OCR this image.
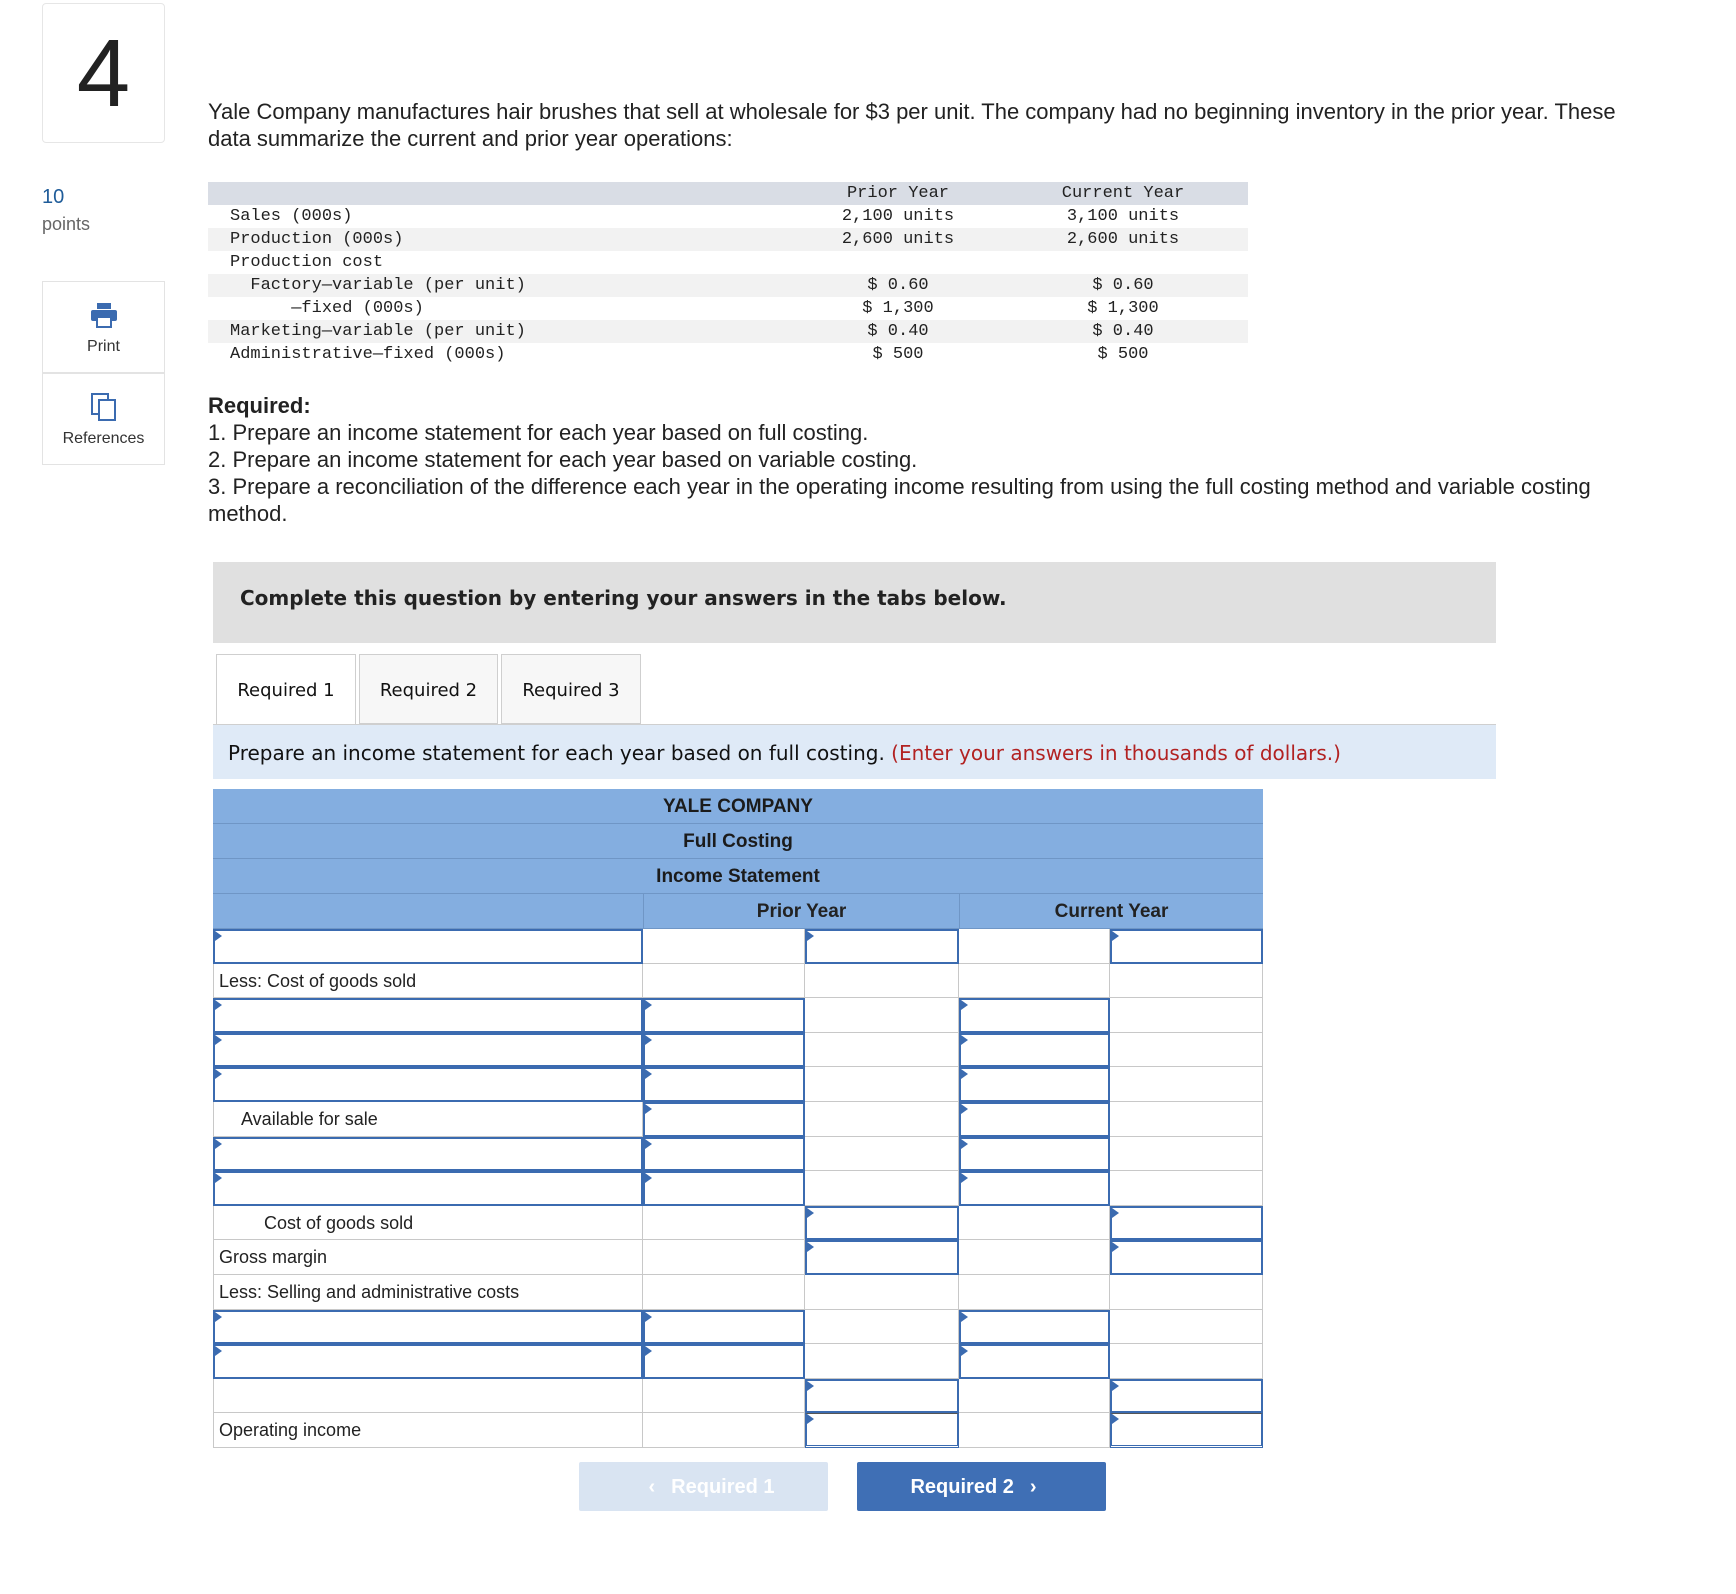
4
10
points
Print
References
Yale Company manufactures hair brushes that sell at wholesale for $3 per unit. The company had no beginning inventory in the prior year. These data summarize the current and prior year operations:
Prior Year	Current Year
Sales (000s)	2,100 units	3,100 units
Production (000s)	2,600 units	2,600 units
Production cost
Factory—variable (per unit)	$ 0.60	$ 0.60
—fixed (000s)	$ 1,300	$ 1,300
Marketing—variable (per unit)	$ 0.40	$ 0.40
Administrative—fixed (000s)	$ 500	$ 500
Required:
1. Prepare an income statement for each year based on full costing.
2. Prepare an income statement for each year based on variable costing.
3. Prepare a reconciliation of the difference each year in the operating income resulting from using the full costing method and variable costing method.
Complete this question by entering your answers in the tabs below.
Required 1	Required 2	Required 3
Prepare an income statement for each year based on full costing. (Enter your answers in thousands of dollars.)
YALE COMPANY
Full Costing
Income Statement
Prior Year	Current Year
Less: Cost of goods sold
Available for sale
Cost of goods sold
Gross margin
Less: Selling and administrative costs
Operating income
‹ Required 1	Required 2 ›
